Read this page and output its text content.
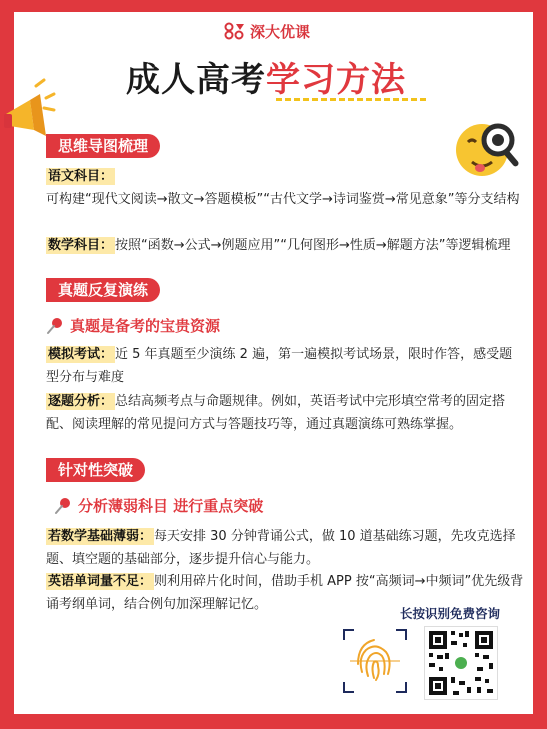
深大优课
成人高考学习方法
思维导图梳理
语文科目：
可构建“现代文阅读→散文→答题模板”“古代文学→诗词鉴赏→常见意象”等分支结构
数学科目： 按照“函数→公式→例题应用”“几何图形→性质→解题方法”等逻辑梳理
真题反复演练
真题是备考的宝贵资源
模拟考试： 近 5 年真题至少演练 2 遍，第一遍模拟考试场景，限时作答，感受题型分布与难度
逐题分析： 总结高频考点与命题规律。例如，英语考试中完形填空常考的固定搭配、阅读理解的常见提问方式与答题技巧等，通过真题演练可熟练掌握。
针对性突破
分析薄弱科目 进行重点突破
若数学基础薄弱： 每天安排 30 分钟背诵公式，做 10 道基础练习题，先攻克选择题、填空题的基础部分，逐步提升信心与能力。
英语单词量不足： 则利用碎片化时间，借助手机 APP 按“高频词→中频词”优先级背诵考纲单词，结合例句加深理解记忆。
长按识别免费咨询
